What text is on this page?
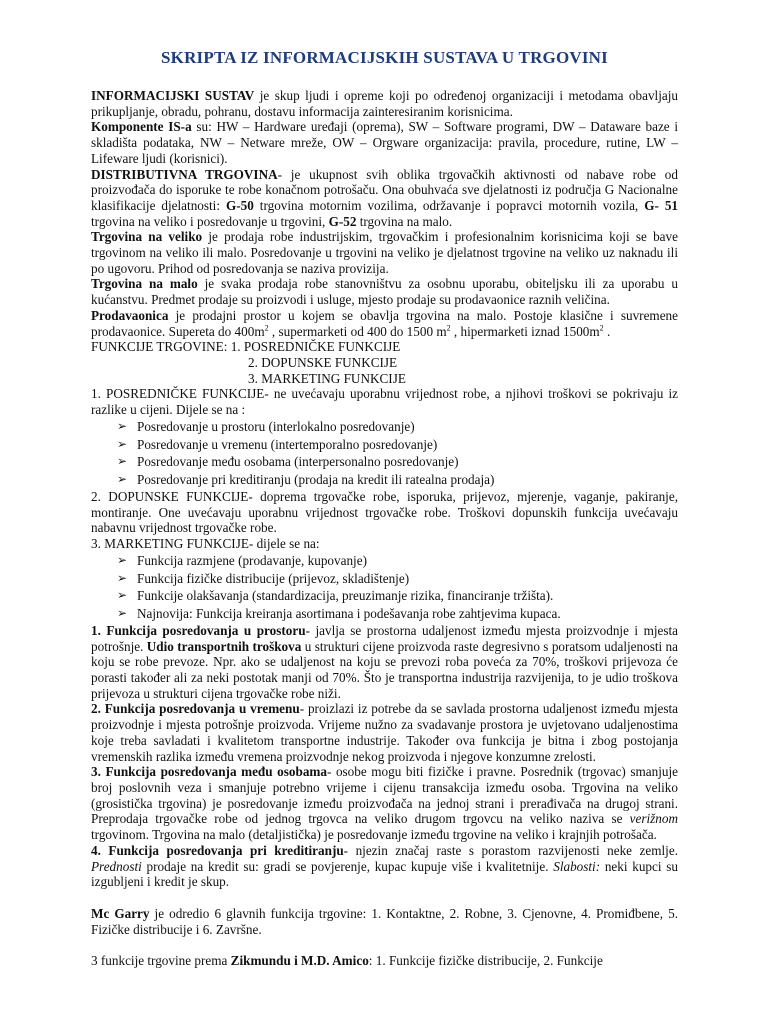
SKRIPTA IZ INFORMACIJSKIH SUSTAVA U TRGOVINI

INFORMACIJSKI SUSTAV je skup ljudi i opreme koji po određenoj organizaciji i metodama obavljaju prikupljanje, obradu, pohranu, dostavu informacija zainteresiranim korisnicima.

Komponente IS-a su: HW – Hardware uređaji (oprema), SW – Software programi, DW – Dataware baze i skladišta podataka, NW – Netware mreže, OW – Orgware organizacija: pravila, procedure, rutine, LW – Lifeware ljudi (korisnici).

DISTRIBUTIVNA TRGOVINA- je ukupnost svih oblika trgovačkih aktivnosti od nabave robe od proizvođača do isporuke te robe konačnom potrošaču. Ona obuhvaća sve djelatnosti iz područja G Nacionalne klasifikacije djelatnosti: G-50 trgovina motornim vozilima, održavanje i popravci motornih vozila, G- 51 trgovina na veliko i posredovanje u trgovini, G-52 trgovina na malo.

Trgovina na veliko je prodaja robe industrijskim, trgovačkim i profesionalnim korisnicima koji se bave trgovinom na veliko ili malo. Posredovanje u trgovini na veliko je djelatnost trgovine na veliko uz naknadu ili po ugovoru. Prihod od posredovanja se naziva provizija.

Trgovina na malo je svaka prodaja robe stanovništvu za osobnu uporabu, obiteljsku ili za uporabu u kućanstvu. Predmet prodaje su proizvodi i usluge, mjesto prodaje su prodavaonice raznih veličina.

Prodavaonica je prodajni prostor u kojem se obavlja trgovina na malo. Postoje klasične i suvremene prodavaonice. Supereta do $400m^2$ , supermarketi od 400 do 1500 $m^2$ , hipermarketi iznad $1500m^2$ .

FUNKCIJE TRGOVINE: 1. POSREDNIČKE FUNKCIJE

2. DOPUNSKE FUNKCIJE

3. MARKETING FUNKCIJE

1. POSREDNIČKE FUNKCIJE- ne uvećavaju uporabnu vrijednost robe, a njihovi troškovi se pokrivaju iz razlike u cijeni. Dijele se na :

➢ Posredovanje u prostoru (interlokalno posredovanje)
➢ Posredovanje u vremenu (intertemporalno posredovanje)
➢ Posredovanje među osobama (interpersonalno posredovanje)
➢ Posredovanje pri kreditiranju (prodaja na kredit ili ratealna prodaja)

2. DOPUNSKE FUNKCIJE- doprema trgovačke robe, isporuka, prijevoz, mjerenje, vaganje, pakiranje, montiranje. One uvećavaju uporabnu vrijednost trgovačke robe. Troškovi dopunskih funkcija uvećavaju nabavnu vrijednost trgovačke robe.

3. MARKETING FUNKCIJE- dijele se na:

➢ Funkcija razmjene (prodavanje, kupovanje)
➢ Funkcija fizičke distribucije (prijevoz, skladištenje)
➢ Funkcije olakšavanja (standardizacija, preuzimanje rizika, financiranje tržišta).
➢ Najnovija: Funkcija kreiranja asortimana i podešavanja robe zahtjevima kupaca.

1. Funkcija posredovanja u prostoru- javlja se prostorna udaljenost između mjesta proizvodnje i mjesta potrošnje. Udio transportnih troškova u strukturi cijene proizvoda raste degresivno s poratsom udaljenosti na koju se robe prevoze. Npr. ako se udaljenost na koju se prevozi roba poveća za 70%, troškovi prijevoza će porasti također ali za neki postotak manji od 70%. Što je transportna industrija razvijenija, to je udio troškova prijevoza u strukturi cijena trgovačke robe niži.

2. Funkcija posredovanja u vremenu- proizlazi iz potrebe da se savlada prostorna udaljenost između mjesta proizvodnje i mjesta potrošnje proizvoda. Vrijeme nužno za svadavanje prostora je uvjetovano udaljenostima koje treba savladati i kvalitetom transportne industrije. Također ova funkcija je bitna i zbog postojanja vremenskih razlika između vremena proizvodnje nekog proizvoda i njegove konzumne zrelosti.

3. Funkcija posredovanja među osobama- osobe mogu biti fizičke i pravne. Posrednik (trgovac) smanjuje broj poslovnih veza i smanjuje potrebno vrijeme i cijenu transakcija između osoba. Trgovina na veliko (grosistička trgovina) je posredovanje između proizvođača na jednoj strani i prerađivača na drugoj strani. Preprodaja trgovačke robe od jednog trgovca na veliko drugom trgovcu na veliko naziva se verižnom trgovinom. Trgovina na malo (detaljistička) je posredovanje između trgovine na veliko i krajnjih potrošača.

4. Funkcija posredovanja pri kreditiranju- njezin značaj raste s porastom razvijenosti neke zemlje. Prednosti prodaje na kredit su: gradi se povjerenje, kupac kupuje više i kvalitetnije. Slabosti: neki kupci su izgubljeni i kredit je skup.

Mc Garry je odredio 6 glavnih funkcija trgovine: 1. Kontaktne, 2. Robne, 3. Cjenovne, 4. Promiđbene, 5. Fizičke distribucije i 6. Završne.

3 funkcije trgovine prema Zikmundu i M.D. Amico: 1. Funkcije fizičke distribucije, 2. Funkcije
